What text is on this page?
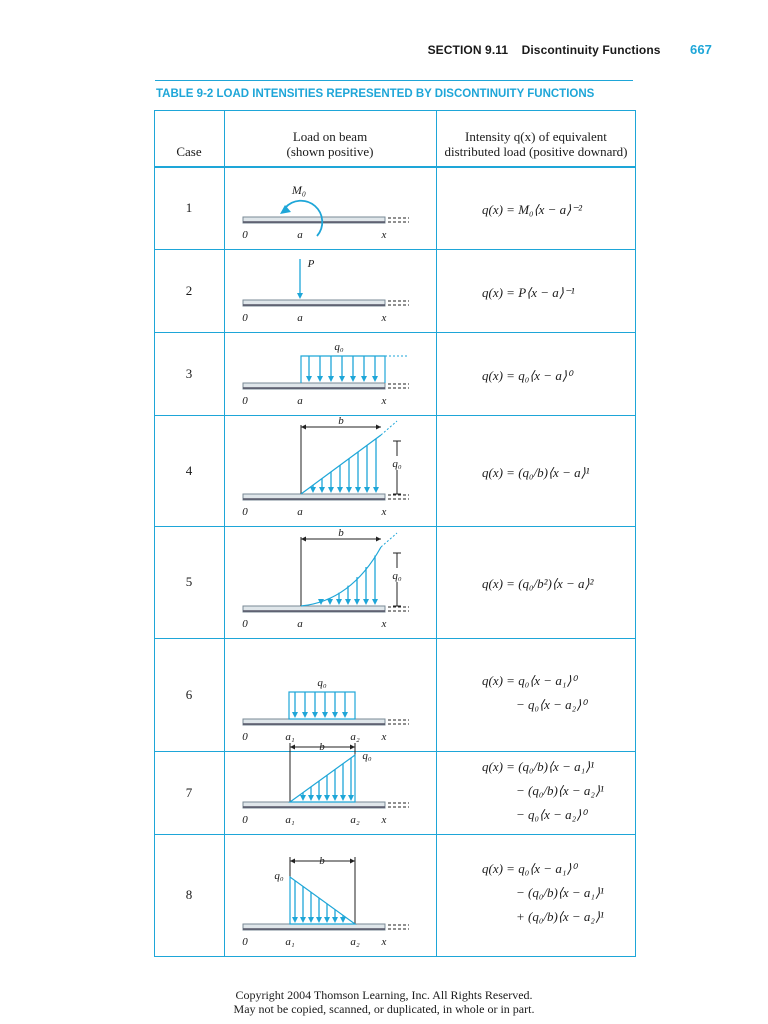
SECTION 9.11 Discontinuity Functions 667
TABLE 9-2 LOAD INTENSITIES REPRESENTED BY DISCONTINUITY FUNCTIONS
Case
Load on beam
(shown positive)
Intensity q(x) of equivalent
distributed load (positive downard)
1	q(x) = M₀⟨x − a⟩⁻²
0	a	x
M₀
2	q(x) = P⟨x − a⟩⁻¹
0	a	x
P
3	q(x) = q₀⟨x − a⟩⁰
0	a	x
q₀
4	q(x) = (q₀/b)⟨x − a⟩¹
0	a	x
b
q₀
5	q(x) = (q₀/b²)⟨x − a⟩²
0	a	x
b
q₀
6
q(x) = q₀⟨x − a₁⟩⁰
− q₀⟨x − a₂⟩⁰
0	a₁	a₂ x
q₀
7
q(x) = (q₀/b)⟨x − a₁⟩¹
− (q₀/b)⟨x − a₂⟩¹
− q₀⟨x − a₂⟩⁰
0	a₁	a₂ x
b
q₀
8
q(x) = q₀⟨x − a₁⟩⁰
− (q₀/b)⟨x − a₁⟩¹
+ (q₀/b)⟨x − a₂⟩¹
0	a₁	a₂ x
b
q₀
Copyright 2004 Thomson Learning, Inc. All Rights Reserved.
May not be copied, scanned, or duplicated, in whole or in part.
